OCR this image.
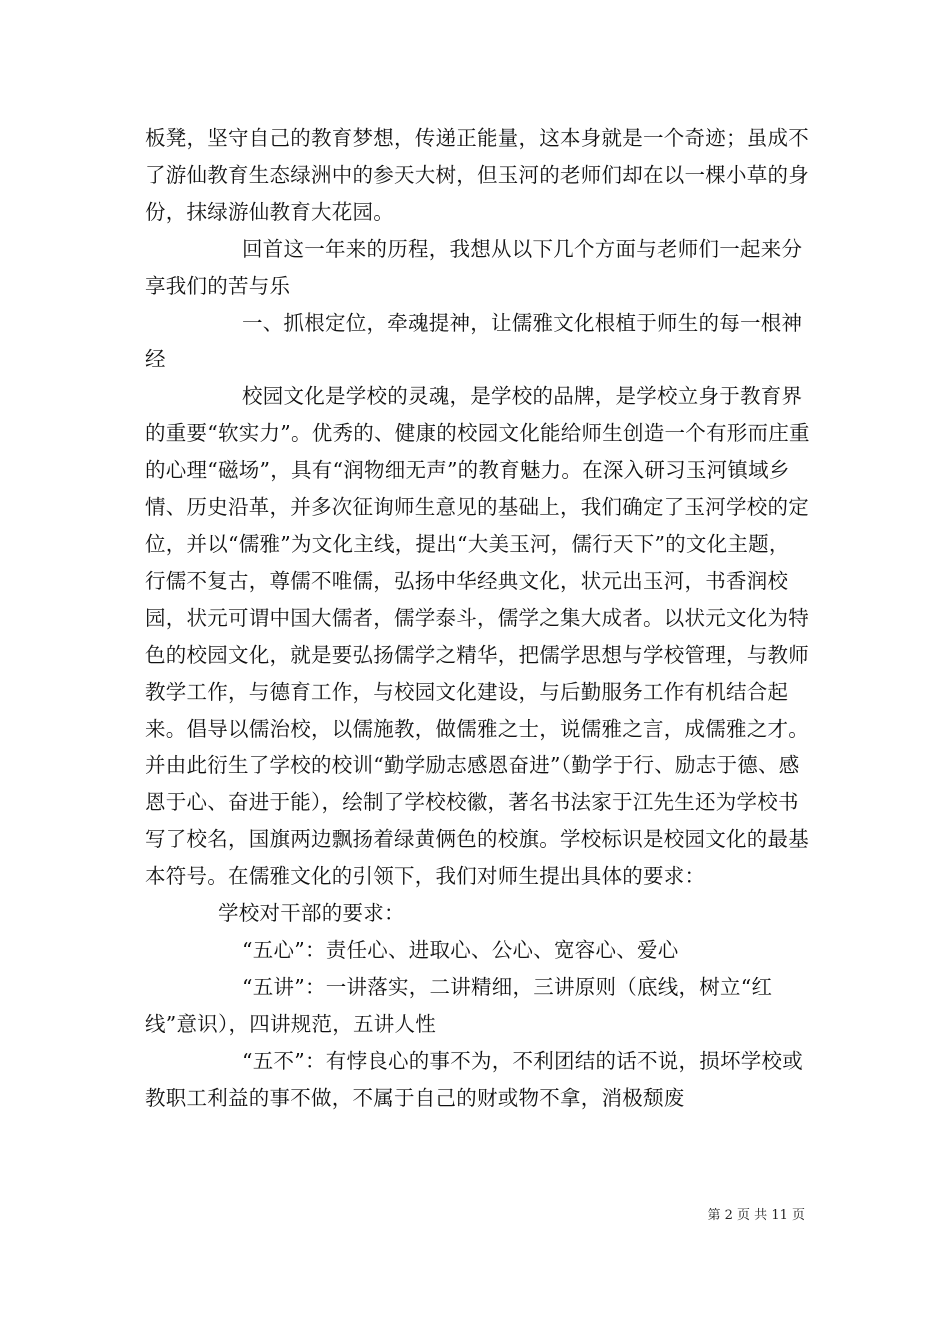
板凳，坚守自己的教育梦想，传递正能量，这本身就是一个奇迹；虽成不了游仙教育生态绿洲中的参天大树，但玉河的老师们却在以一棵小草的身份，抹绿游仙教育大花园。

回首这一年来的历程，我想从以下几个方面与老师们一起来分享我们的苦与乐

一、抓根定位，牵魂提神，让儒雅文化根植于师生的每一根神经

校园文化是学校的灵魂，是学校的品牌，是学校立身于教育界的重要“软实力”。优秀的、健康的校园文化能给师生创造一个有形而庄重的心理“磁场”，具有“润物细无声”的教育魅力。在深入研习玉河镇域乡情、历史沿革，并多次征询师生意见的基础上，我们确定了玉河学校的定位，并以“儒雅”为文化主线，提出“大美玉河，儒行天下”的文化主题，行儒不复古，尊儒不唯儒，弘扬中华经典文化，状元出玉河，书香润校园，状元可谓中国大儒者，儒学泰斗，儒学之集大成者。以状元文化为特色的校园文化，就是要弘扬儒学之精华，把儒学思想与学校管理，与教师教学工作，与德育工作，与校园文化建设，与后勤服务工作有机结合起来。倡导以儒治校，以儒施教，做儒雅之士，说儒雅之言，成儒雅之才。并由此衍生了学校的校训“勤学励志感恩奋进”（勤学于行、励志于德、感恩于心、奋进于能），绘制了学校校徽，著名书法家于江先生还为学校书写了校名，国旗两边飘扬着绿黄俩色的校旗。学校标识是校园文化的最基本符号。在儒雅文化的引领下，我们对师生提出具体的要求：

学校对干部的要求：

“五心”：责任心、进取心、公心、宽容心、爱心

“五讲”：一讲落实，二讲精细，三讲原则（底线，树立“红线”意识），四讲规范，五讲人性

“五不”：有悖良心的事不为，不利团结的话不说，损坏学校或教职工利益的事不做，不属于自己的财或物不拿，消极颓废

第 2 页 共 11 页
